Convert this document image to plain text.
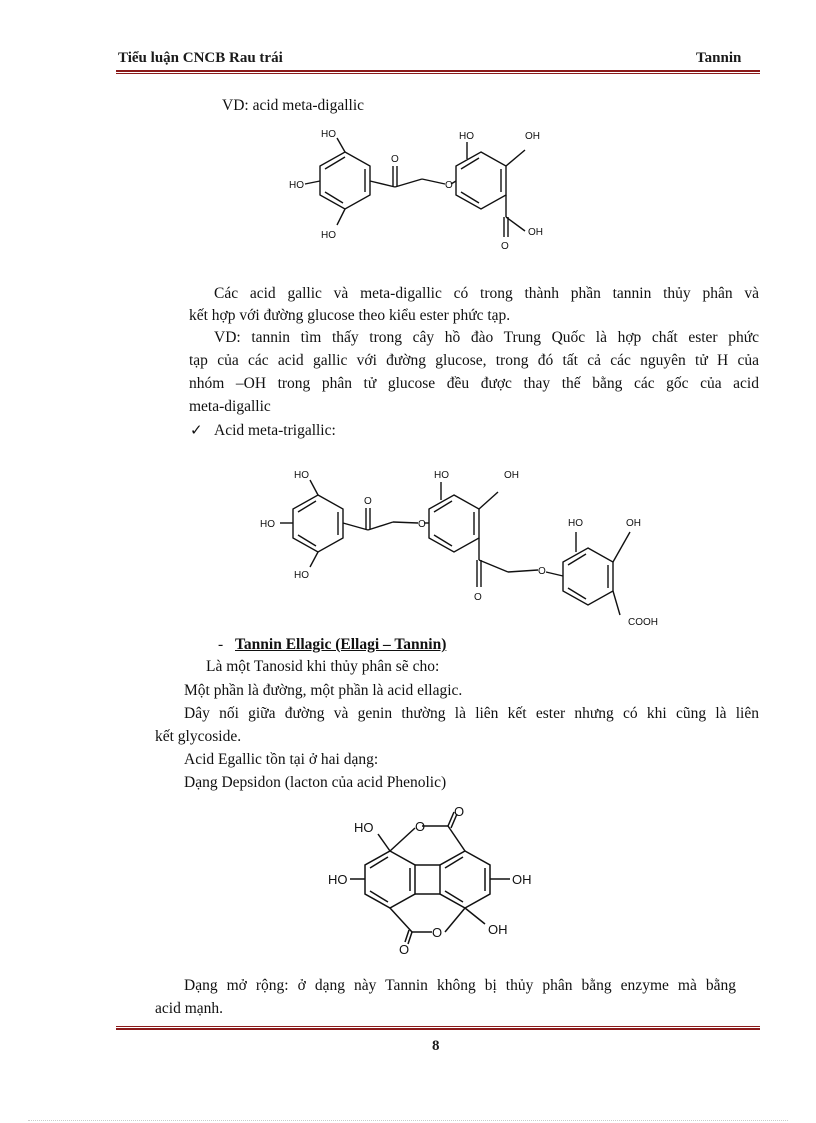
Tiểu luận CNCB Rau trái	Tannin
VD: acid meta-digallic
HO
HO
HO
O
O
HO	OH
O
OH
Các acid gallic và meta-digallic có trong thành phần tannin thủy phân và
kết hợp với đường glucose theo kiểu ester phức tạp.
VD: tannin tìm thấy trong cây hồ đào Trung Quốc là hợp chất ester phức
tạp của các acid gallic với đường glucose, trong đó tất cả các nguyên tử H của
nhóm –OH trong phân tử glucose đều được thay thế bằng các gốc của acid
meta-digallic
✓ Acid meta-trigallic:
HO
HO
HO
O
O
HO	OH
O
O
HO	OH
COOH
- Tannin Ellagic (Ellagi – Tannin)
Là một Tanosid khi thủy phân sẽ cho:
Một phần là đường, một phần là acid ellagic.
Dây nối giữa đường và genin thường là liên kết ester nhưng có khi cũng là liên
kết glycoside.
Acid Egallic tồn tại ở hai dạng:
Dạng Depsidon (lacton của acid Phenolic)
HO
HO
O
O
OH
OH
O
O
Dạng mở rộng: ở dạng này Tannin không bị thủy phân bằng enzyme mà bằng
acid mạnh.
8
